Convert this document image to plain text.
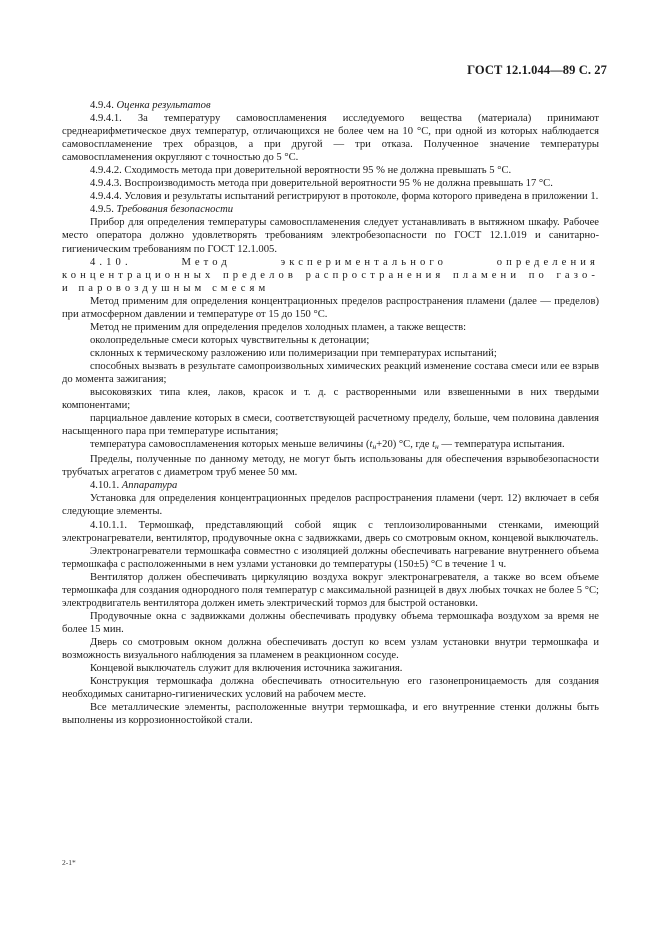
ГОСТ 12.1.044—89 С. 27

4.9.4. Оценка результатов

4.9.4.1. За температуру самовоспламенения исследуемого вещества (материала) принимают среднеарифметическое двух температур, отличающихся не более чем на 10 °С, при одной из которых наблюдается самовоспламенение трех образцов, а при другой — три отказа. Полученное значение температуры самовоспламенения округляют с точностью до 5 °С.

4.9.4.2. Сходимость метода при доверительной вероятности 95 % не должна превышать 5 °С.

4.9.4.3. Воспроизводимость метода при доверительной вероятности 95 % не должна превышать 17 °С.

4.9.4.4. Условия и результаты испытаний регистрируют в протоколе, форма которого приведена в приложении 1.

4.9.5. Требования безопасности

Прибор для определения температуры самовоспламенения следует устанавливать в вытяжном шкафу. Рабочее место оператора должно удовлетворять требованиям электробезопасности по ГОСТ 12.1.019 и санитарно-гигиеническим требованиям по ГОСТ 12.1.005.

4.10. Метод экспериментального определения концентрационных пределов распространения пламени по газо- и паровоздушным смесям

Метод применим для определения концентрационных пределов распространения пламени (далее — пределов) при атмосферном давлении и температуре от 15 до 150 °С.

Метод не применим для определения пределов холодных пламен, а также веществ:

околопредельные смеси которых чувствительны к детонации;

склонных к термическому разложению или полимеризации при температурах испытаний;

способных вызвать в результате самопроизвольных химических реакций изменение состава смеси или ее взрыв до момента зажигания;

высоковязких типа клея, лаков, красок и т. д. с растворенными или взвешенными в них твердыми компонентами;

парциальное давление которых в смеси, соответствующей расчетному пределу, больше, чем половина давления насыщенного пара при температуре испытания;

температура самовоспламенения которых меньше величины $(t_н+20)$ °С, где $t_н$ — температура испытания.

Пределы, полученные по данному методу, не могут быть использованы для обеспечения взрывобезопасности трубчатых агрегатов с диаметром труб менее 50 мм.

4.10.1. Аппаратура

Установка для определения концентрационных пределов распространения пламени (черт. 12) включает в себя следующие элементы.

4.10.1.1. Термошкаф, представляющий собой ящик с теплоизолированными стенками, имеющий электронагреватели, вентилятор, продувочные окна с задвижками, дверь со смотровым окном, концевой выключатель.

Электронагреватели термошкафа совместно с изоляцией должны обеспечивать нагревание внутреннего объема термошкафа с расположенными в нем узлами установки до температуры (150±5) °С в течение 1 ч.

Вентилятор должен обеспечивать циркуляцию воздуха вокруг электронагревателя, а также во всем объеме термошкафа для создания однородного поля температур с максимальной разницей в двух любых точках не более 5 °С; электродвигатель вентилятора должен иметь электрический тормоз для быстрой остановки.

Продувочные окна с задвижками должны обеспечивать продувку объема термошкафа воздухом за время не более 15 мин.

Дверь со смотровым окном должна обеспечивать доступ ко всем узлам установки внутри термошкафа и возможность визуального наблюдения за пламенем в реакционном сосуде.

Концевой выключатель служит для включения источника зажигания.

Конструкция термошкафа должна обеспечивать относительную его газонепроницаемость для создания необходимых санитарно-гигиенических условий на рабочем месте.

Все металлические элементы, расположенные внутри термошкафа, и его внутренние стенки должны быть выполнены из коррозионностойкой стали.

2-1*
